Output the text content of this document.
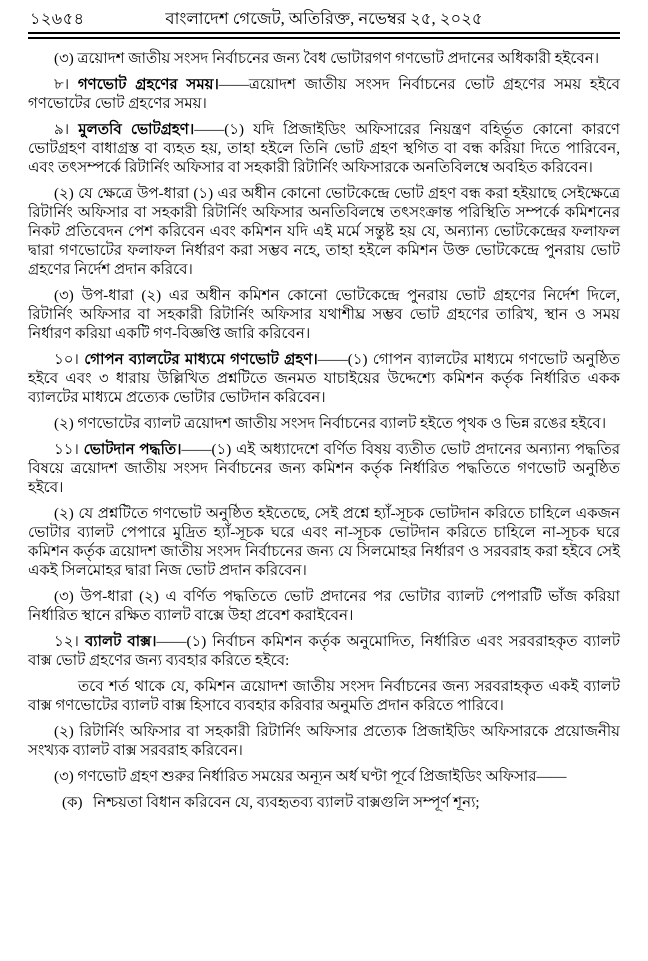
১২৬৫৪	বাংলাদেশ গেজেট, অতিরিক্ত, নভেম্বর ২৫, ২০২৫

(৩) ত্রয়োদশ জাতীয় সংসদ নির্বাচনের জন্য বৈধ ভোটারগণ গণভোট প্রদানের অধিকারী হইবেন।

৮। গণভোট গ্রহণের সময়।——ত্রয়োদশ জাতীয় সংসদ নির্বাচনের ভোট গ্রহণের সময় হইবে গণভোটের ভোট গ্রহণের সময়।

৯। মুলতবি ভোটগ্রহণ।——(১) যদি প্রিজাইডিং অফিসারের নিয়ন্ত্রণ বহির্ভূত কোনো কারণে ভোটগ্রহণ বাধাগ্রস্ত বা ব্যহত হয়, তাহা হইলে তিনি ভোট গ্রহণ স্থগিত বা বন্ধ করিয়া দিতে পারিবেন, এবং তৎসম্পর্কে রিটার্নিং অফিসার বা সহকারী রিটার্নিং অফিসারকে অনতিবিলম্বে অবহিত করিবেন।

(২) যে ক্ষেত্রে উপ-ধারা (১) এর অধীন কোনো ভোটকেন্দ্রে ভোট গ্রহণ বন্ধ করা হইয়াছে সেইক্ষেত্রে রিটার্নিং অফিসার বা সহকারী রিটার্নিং অফিসার অনতিবিলম্বে তৎসংক্রান্ত পরিস্থিতি সম্পর্কে কমিশনের নিকট প্রতিবেদন পেশ করিবেন এবং কমিশন যদি এই মর্মে সন্তুষ্ট হয় যে, অন্যান্য ভোটকেন্দ্রের ফলাফল দ্বারা গণভোটের ফলাফল নির্ধারণ করা সম্ভব নহে, তাহা হইলে কমিশন উক্ত ভোটকেন্দ্রে পুনরায় ভোট গ্রহণের নির্দেশ প্রদান করিবে।

(৩) উপ-ধারা (২) এর অধীন কমিশন কোনো ভোটকেন্দ্রে পুনরায় ভোট গ্রহণের নির্দেশ দিলে, রিটার্নিং অফিসার বা সহকারী রিটার্নিং অফিসার যথাশীঘ্র সম্ভব ভোট গ্রহণের তারিখ, স্থান ও সময় নির্ধারণ করিয়া একটি গণ-বিজ্ঞপ্তি জারি করিবেন।

১০। গোপন ব্যালটের মাধ্যমে গণভোট গ্রহণ।——(১) গোপন ব্যালটের মাধ্যমে গণভোট অনুষ্ঠিত হইবে এবং ৩ ধারায় উল্লিখিত প্রশ্নটিতে জনমত যাচাইয়ের উদ্দেশ্যে কমিশন কর্তৃক নির্ধারিত একক ব্যালটের মাধ্যমে প্রত্যেক ভোটার ভোটদান করিবেন।

(২) গণভোটের ব্যালট ত্রয়োদশ জাতীয় সংসদ নির্বাচনের ব্যালট হইতে পৃথক ও ভিন্ন রঙের হইবে।

১১। ভোটদান পদ্ধতি।——(১) এই অধ্যাদেশে বর্ণিত বিষয় ব্যতীত ভোট প্রদানের অন্যান্য পদ্ধতির বিষয়ে ত্রয়োদশ জাতীয় সংসদ নির্বাচনের জন্য কমিশন কর্তৃক নির্ধারিত পদ্ধতিতে গণভোট অনুষ্ঠিত হইবে।

(২) যে প্রশ্নটিতে গণভোট অনুষ্ঠিত হইতেছে, সেই প্রশ্নে হ্যাঁ-সূচক ভোটদান করিতে চাহিলে একজন ভোটার ব্যালট পেপারে মুদ্রিত হ্যাঁ-সূচক ঘরে এবং না-সূচক ভোটদান করিতে চাহিলে না-সূচক ঘরে কমিশন কর্তৃক ত্রয়োদশ জাতীয় সংসদ নির্বাচনের জন্য যে সিলমোহর নির্ধারণ ও সরবরাহ করা হইবে সেই একই সিলমোহর দ্বারা নিজ ভোট প্রদান করিবেন।

(৩) উপ-ধারা (২) এ বর্ণিত পদ্ধতিতে ভোট প্রদানের পর ভোটার ব্যালট পেপারটি ভাঁজ করিয়া নির্ধারিত স্থানে রক্ষিত ব্যালট বাক্সে উহা প্রবেশ করাইবেন।

১২। ব্যালট বাক্স।——(১) নির্বাচন কমিশন কর্তৃক অনুমোদিত, নির্ধারিত এবং সরবরাহকৃত ব্যালট বাক্স ভোট গ্রহণের জন্য ব্যবহার করিতে হইবে:

তবে শর্ত থাকে যে, কমিশন ত্রয়োদশ জাতীয় সংসদ নির্বাচনের জন্য সরবরাহকৃত একই ব্যালট বাক্স গণভোটের ব্যালট বাক্স হিসাবে ব্যবহার করিবার অনুমতি প্রদান করিতে পারিবে।

(২) রিটার্নিং অফিসার বা সহকারী রিটার্নিং অফিসার প্রত্যেক প্রিজাইডিং অফিসারকে প্রয়োজনীয় সংখ্যক ব্যালট বাক্স সরবরাহ করিবেন।

(৩) গণভোট গ্রহণ শুরুর নির্ধারিত সময়ের অন্যূন অর্ধ ঘণ্টা পূর্বে প্রিজাইডিং অফিসার——

(ক) নিশ্চয়তা বিধান করিবেন যে, ব্যবহৃতব্য ব্যালট বাক্সগুলি সম্পূর্ণ শূন্য;
